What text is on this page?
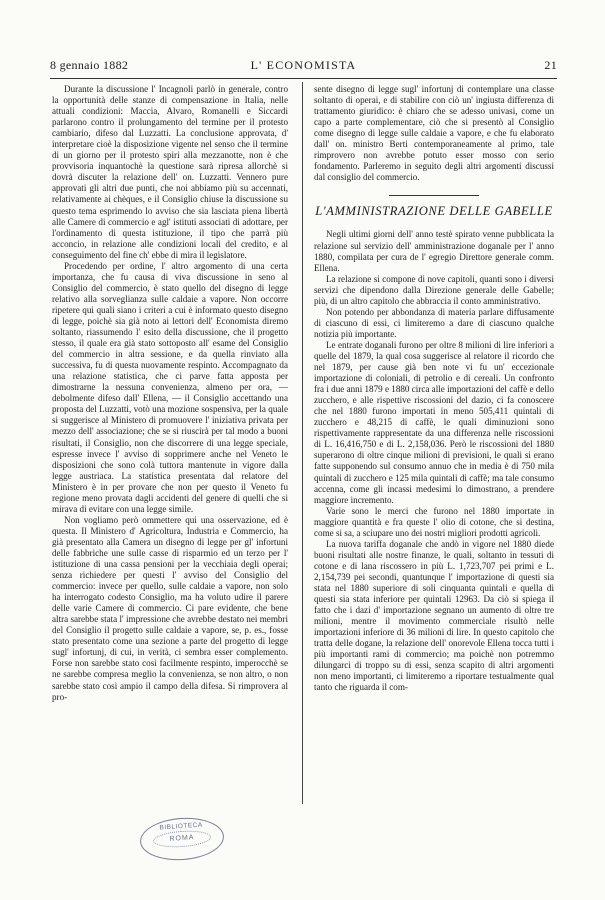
8 gennaio 1882	L' ECONOMISTA	21

Durante la discussione l' Incagnoli parlò in generale, contro la opportunità delle stanze di compensazione in Italia, nelle attuali condizioni: Maccia, Alvaro, Romanelli e Siccardi parlarono contro il prolungamento del termine per il protesto cambiario, difeso dal Luzzatti. La conclusione approvata, d' interpretare cioè la disposizione vigente nel senso che il termine di un giorno per il protesto spiri alla mezzanotte, non è che provvisoria inquantochè la questione sarà ripresa allorchè si dovrà discuter la relazione dell' on. Luzzatti. Vennero pure approvati gli altri due punti, che noi abbiamo più su accennati, relativamente ai chèques, e il Consiglio chiuse la discussione su questo tema esprimendo lo avviso che sia lasciata piena libertà alle Camere di commercio e agl' istituti associati di adottare, per l'ordinamento di questa istituzione, il tipo che parrà più acconcio, in relazione alle condizioni locali del credito, e al conseguimento del fine ch' ebbe di mira il legislatore.

Procedendo per ordine, l' altro argomento di una certa importanza, che fu causa di viva discussione in seno al Consiglio del commercio, è stato quello del disegno di legge relativo alla sorveglianza sulle caldaie a vapore. Non occorre ripetere qui quali siano i criteri a cui è informato questo disegno di legge, poichè sia già noto ai lettori dell' Economista diremo soltanto, riassumendo l' esito della discussione, che il progetto stesso, il quale era già stato sottoposto all' esame del Consiglio del commercio in altra sessione, e da quella rinviato alla successiva, fu di questa nuovamente respinto. Accompagnato da una relazione statistica, che ci parve fatta apposta per dimostrarne la nessuna convenienza, almeno per ora, — debolmente difeso dall' Ellena, — il Consiglio accettando una proposta del Luzzatti, votò una mozione sospensiva, per la quale si suggerisce al Ministero di promuovere l' iniziativa privata per mezzo dell' associazione; che se si riuscirà per tal modo a buoni risultati, il Consiglio, non che discorrere di una legge speciale, espresse invece l' avviso di sopprimere anche nel Veneto le disposizioni che sono colà tuttora mantenute in vigore dalla legge austriaca. La statistica presentata dal relatore del Ministero è in per provare che non per questo il Veneto fu regione meno provata dagli accidenti del genere di quelli che si mirava di evitare con una legge simile.

Non vogliamo però ommettere qui una osservazione, ed è questa. Il Ministero d' Agricoltura, Industria e Commercio, ha già presentato alla Camera un disegno di legge per gl' infortuni delle fabbriche une sulle casse di risparmio ed un terzo per l' istituzione di una cassa pensioni per la vecchiaia degli operai; senza richiedere per questi l' avviso del Consiglio del commercio: invece per quello, sulle caldaie a vapore, non solo ha interrogato codesto Consiglio, ma ha voluto udire il parere delle varie Camere di commercio. Ci pare evidente, che bene altra sarebbe stata l' impressione che avrebbe destato nei membri del Consiglio il progetto sulle caldaie a vapore, se, p. es., fosse stato presentato come una sezione a parte del progetto di legge sugl' infortunj, di cui, in verità, ci sembra esser complemento. Forse non sarebbe stato così facilmente respinto, imperocchè se ne sarebbe compresa meglio la convenienza, se non altro, o non sarebbe stato così ampio il campo della difesa. Si rimprovera al pro-

sente disegno di legge sugl' infortunj di contemplare una classe soltanto di operai, e di stabilire con ciò un' ingiusta differenza di trattamento giuridico: è chiaro che se adesso univasi, come un capo a parte complementare, ciò che si presentò al Consiglio come disegno di legge sulle caldaie a vapore, e che fu elaborato dall' on. ministro Berti contemporaneamente al primo, tale rimprovero non avrebbe potuto esser mosso con serio fondamento. Parleremo in seguito degli altri argomenti discussi dal consiglio del commercio.

L'AMMINISTRAZIONE DELLE GABELLE

Negli ultimi giorni dell' anno testè spirato venne pubblicata la relazione sul servizio dell' amministrazione doganale per l' anno 1880, compilata per cura de l' egregio Direttore generale comm. Ellena.

La relazione si compone di nove capitoli, quanti sono i diversi servizi che dipendono dalla Direzione generale delle Gabelle; più, di un altro capitolo che abbraccia il conto amministrativo.

Non potendo per abbondanza di materia parlare diffusamente di ciascuno di essi, ci limiteremo a dare di ciascuno qualche notizia più importante.

Le entrate doganali furono per oltre 8 milioni di lire inferiori a quelle del 1879, la qual cosa suggerisce al relatore il ricordo che nel 1879, per cause già ben note vi fu un' eccezionale importazione di coloniali, di petrolio e di cereali. Un confronto fra i due anni 1879 e 1880 circa alle importazioni del caffè e dello zucchero, e alle rispettive riscossioni del dazio, ci fa conoscere che nel 1880 furono importati in meno 505,411 quintali di zucchero e 48,215 di caffè, le quali diminuzioni sono rispettivamente rappresentate da una differenza nelle riscossioni di L. 16,416,750 e di L. 2,158,036. Però le riscossioni del 1880 superarono di oltre cinque milioni di previsioni, le quali si erano fatte supponendo sul consumo annuo che in media è di 750 mila quintali di zucchero e 125 mila quintali di caffè; ma tale consumo accenna, come gli incassi medesimi lo dimostrano, a prendere maggiore incremento.

Varie sono le merci che furono nel 1880 importate in maggiore quantità e fra queste l' olio di cotone, che si destina, come si sa, a sciupare uno dei nostri migliori prodotti agricoli.

La nuova tariffa doganale che andò in vigore nel 1880 diede buoni risultati alle nostre finanze, le quali, soltanto in tessuti di cotone e di lana riscossero in più L. 1,723,707 pei primi e L. 2,154,739 pei secondi, quantunque l' importazione di questi sia stata nel 1880 superiore di soli cinquanta quintali e quella di questi sia stata inferiore per quintali 12963. Da ciò si spiega il fatto che i dazi d' importazione segnano un aumento di oltre tre milioni, mentre il movimento commerciale risultò nelle importazioni inferiore di 36 milioni di lire. In questo capitolo che tratta delle dogane, la relazione dell' onorevole Ellena tocca tutti i più importanti rami di commercio; ma poichè non potremmo dilungarci di troppo su di essi, senza scapito di altri argomenti non meno importanti, ci limiteremo a riportare testualmente qual tanto che riguarda il com-

BIBLIOTECA
ROMA
